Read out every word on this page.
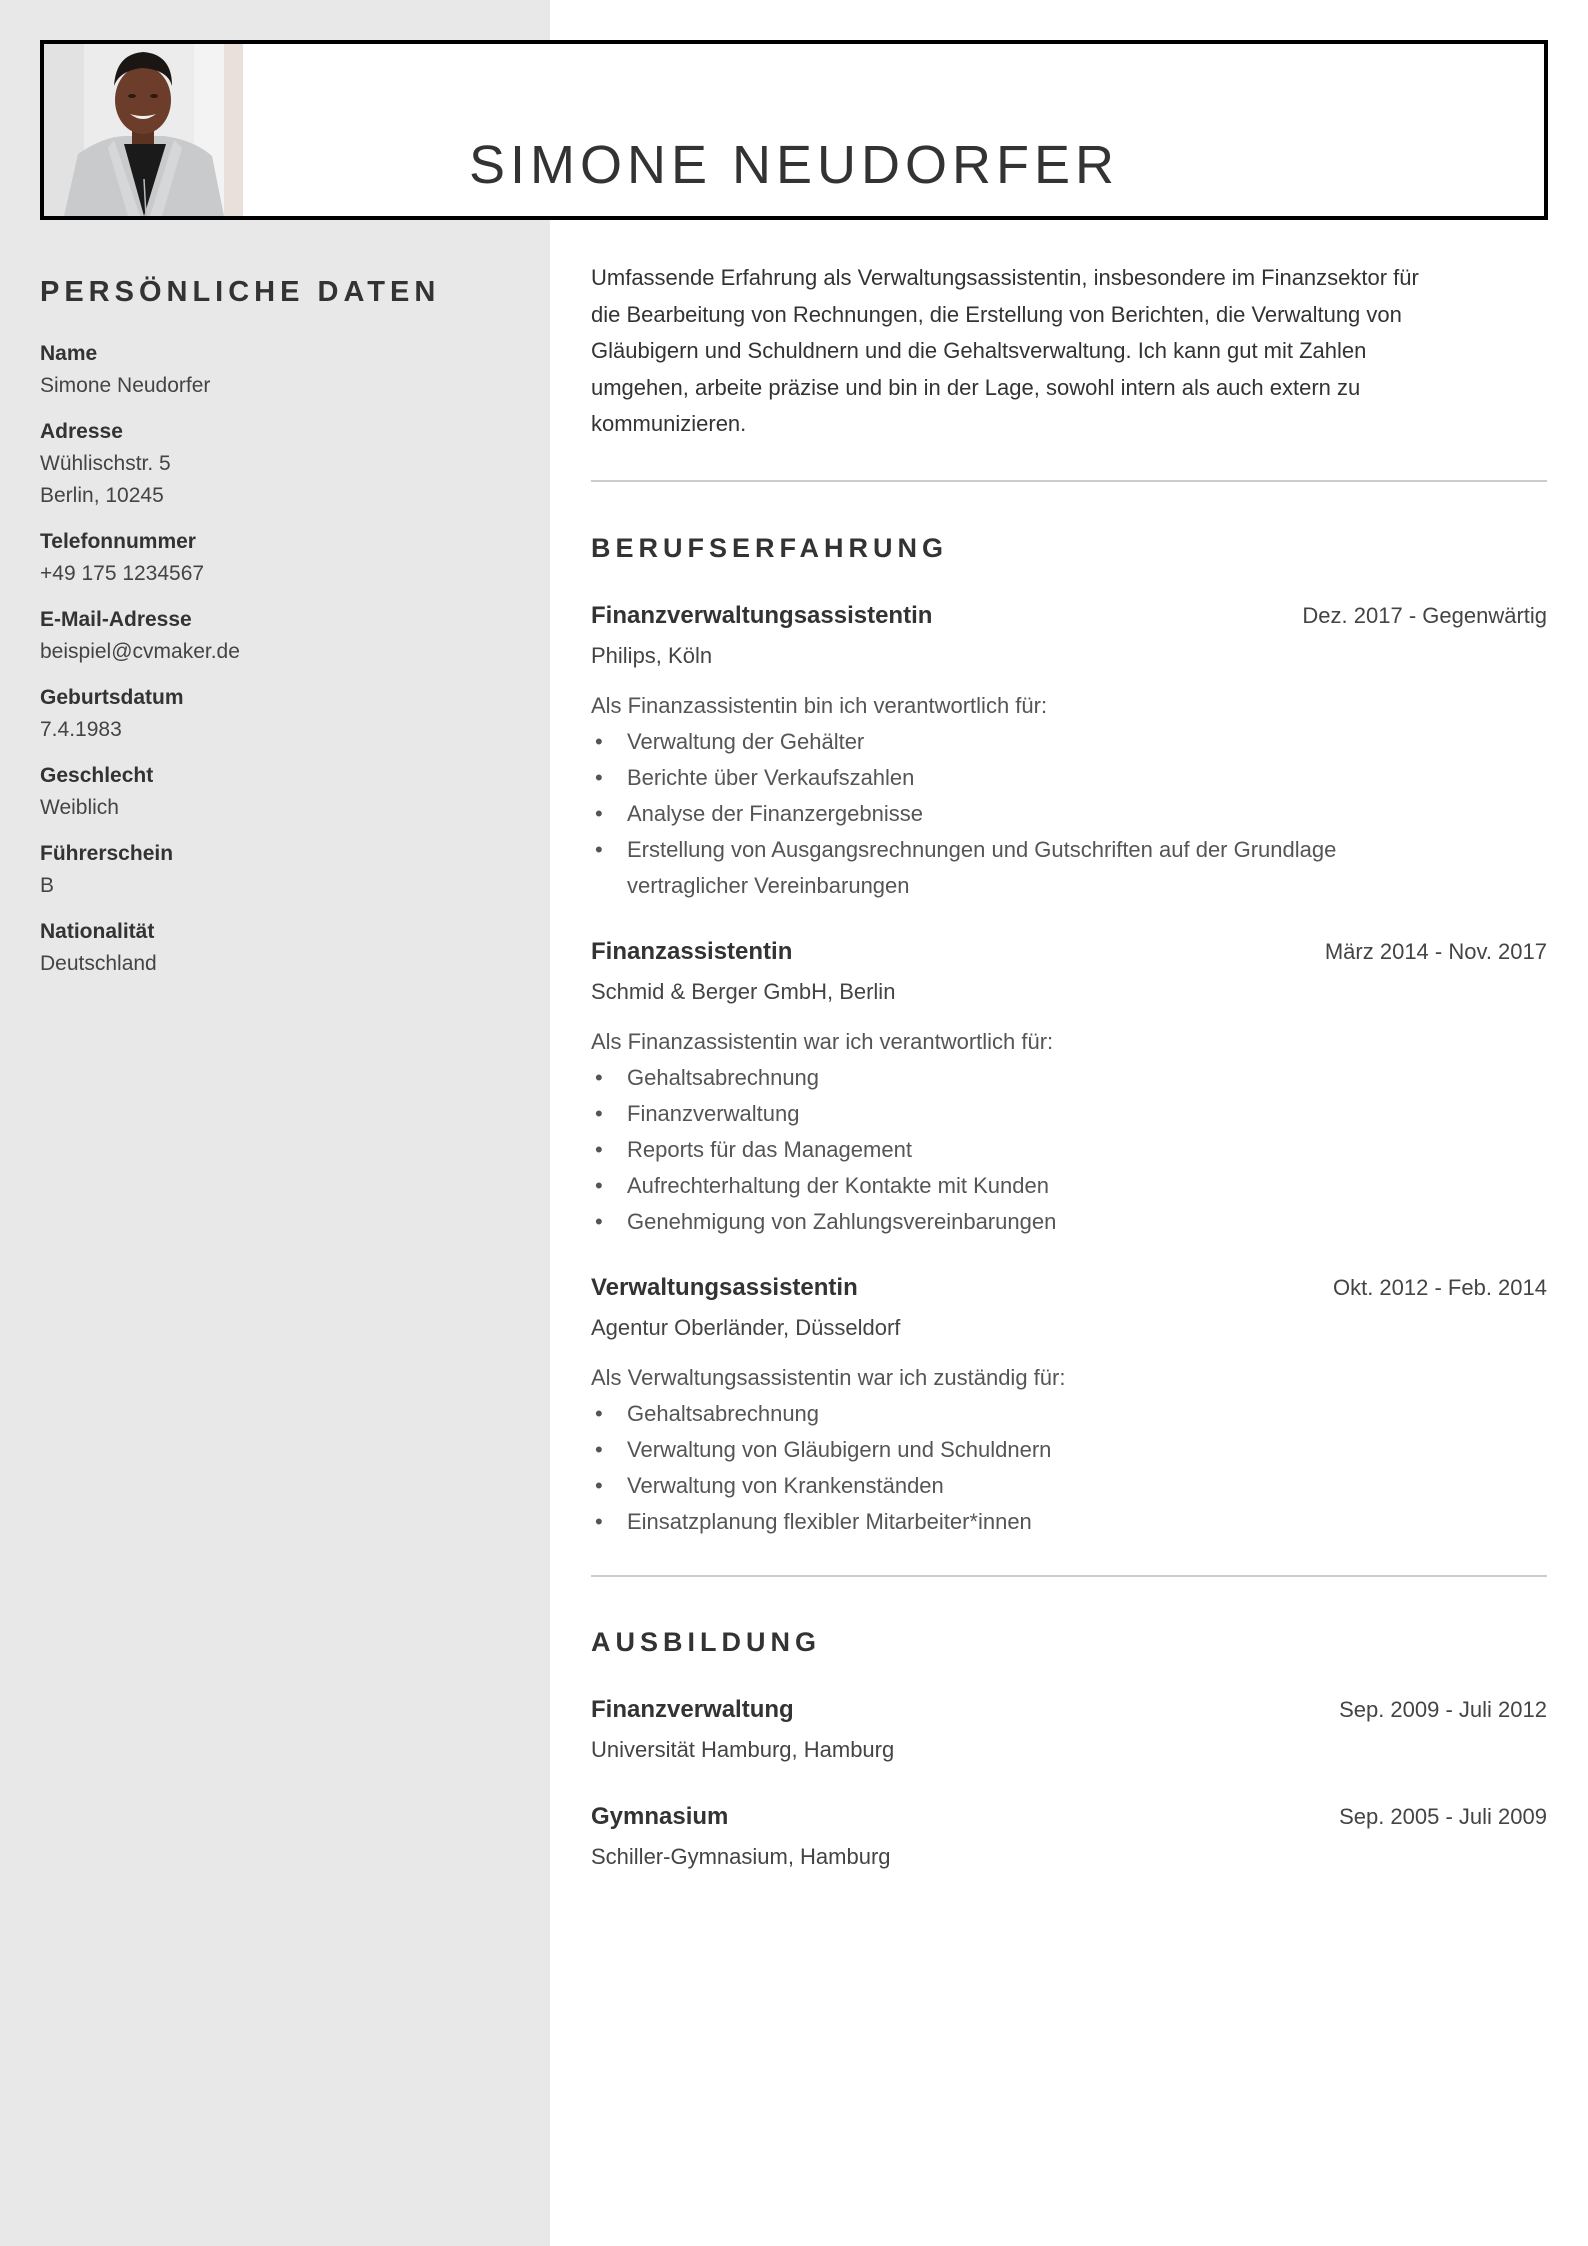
SIMONE NEUDORFER
PERSÖNLICHE DATEN
Name
Simone Neudorfer
Adresse
Wühlischstr. 5
Berlin, 10245
Telefonnummer
+49 175 1234567
E-Mail-Adresse
beispiel@cvmaker.de
Geburtsdatum
7.4.1983
Geschlecht
Weiblich
Führerschein
B
Nationalität
Deutschland
Umfassende Erfahrung als Verwaltungsassistentin, insbesondere im Finanzsektor für
die Bearbeitung von Rechnungen, die Erstellung von Berichten, die Verwaltung von
Gläubigern und Schuldnern und die Gehaltsverwaltung. Ich kann gut mit Zahlen
umgehen, arbeite präzise und bin in der Lage, sowohl intern als auch extern zu
kommunizieren.
BERUFSERFAHRUNG
Finanzverwaltungsassistentin	Dez. 2017 - Gegenwärtig
Philips, Köln
Als Finanzassistentin bin ich verantwortlich für:
• Verwaltung der Gehälter
• Berichte über Verkaufszahlen
• Analyse der Finanzergebnisse
• Erstellung von Ausgangsrechnungen und Gutschriften auf der Grundlage vertraglicher Vereinbarungen
Finanzassistentin	März 2014 - Nov. 2017
Schmid & Berger GmbH, Berlin
Als Finanzassistentin war ich verantwortlich für:
• Gehaltsabrechnung
• Finanzverwaltung
• Reports für das Management
• Aufrechterhaltung der Kontakte mit Kunden
• Genehmigung von Zahlungsvereinbarungen
Verwaltungsassistentin	Okt. 2012 - Feb. 2014
Agentur Oberländer, Düsseldorf
Als Verwaltungsassistentin war ich zuständig für:
• Gehaltsabrechnung
• Verwaltung von Gläubigern und Schuldnern
• Verwaltung von Krankenständen
• Einsatzplanung flexibler Mitarbeiter*innen
AUSBILDUNG
Finanzverwaltung	Sep. 2009 - Juli 2012
Universität Hamburg, Hamburg
Gymnasium	Sep. 2005 - Juli 2009
Schiller-Gymnasium, Hamburg
